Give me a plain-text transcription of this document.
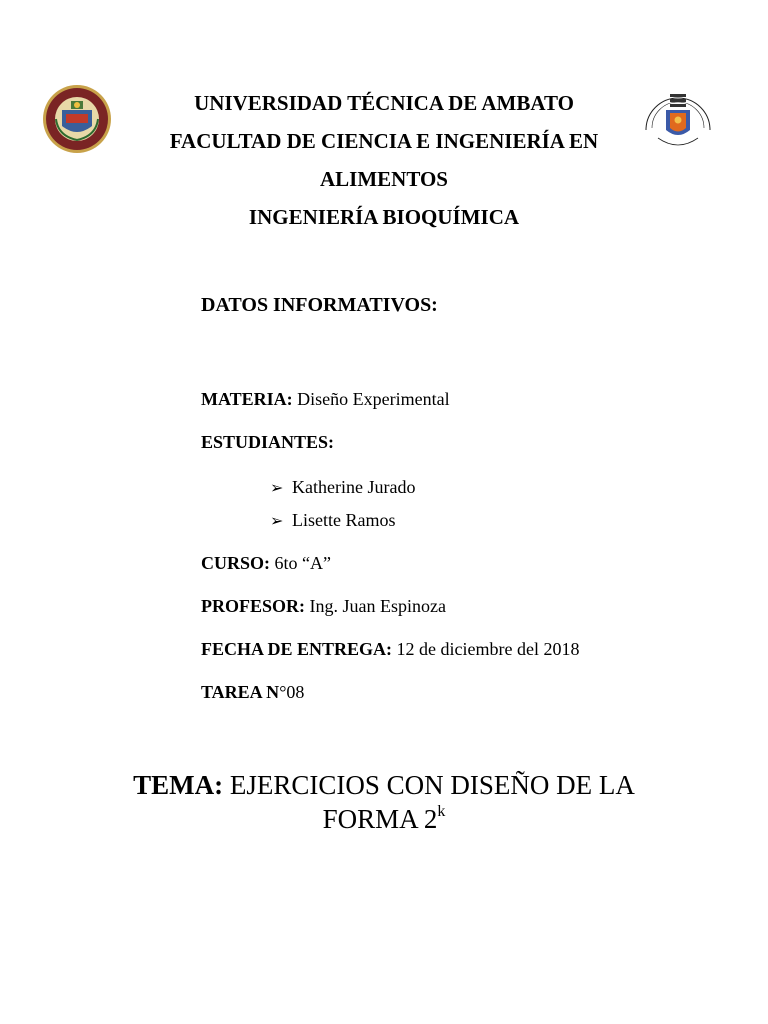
UNIVERSIDAD TÉCNICA DE AMBATO
FACULTAD DE CIENCIA E INGENIERÍA EN
ALIMENTOS
INGENIERÍA BIOQUÍMICA
DATOS INFORMATIVOS:
MATERIA: Diseño Experimental
ESTUDIANTES:
➢ Katherine Jurado
➢ Lisette Ramos
CURSO: 6to “A”
PROFESOR: Ing. Juan Espinoza
FECHA DE ENTREGA: 12 de diciembre del 2018
TAREA N°08
TEMA: EJERCICIOS CON DISEÑO DE LA
FORMA 2$^k$
